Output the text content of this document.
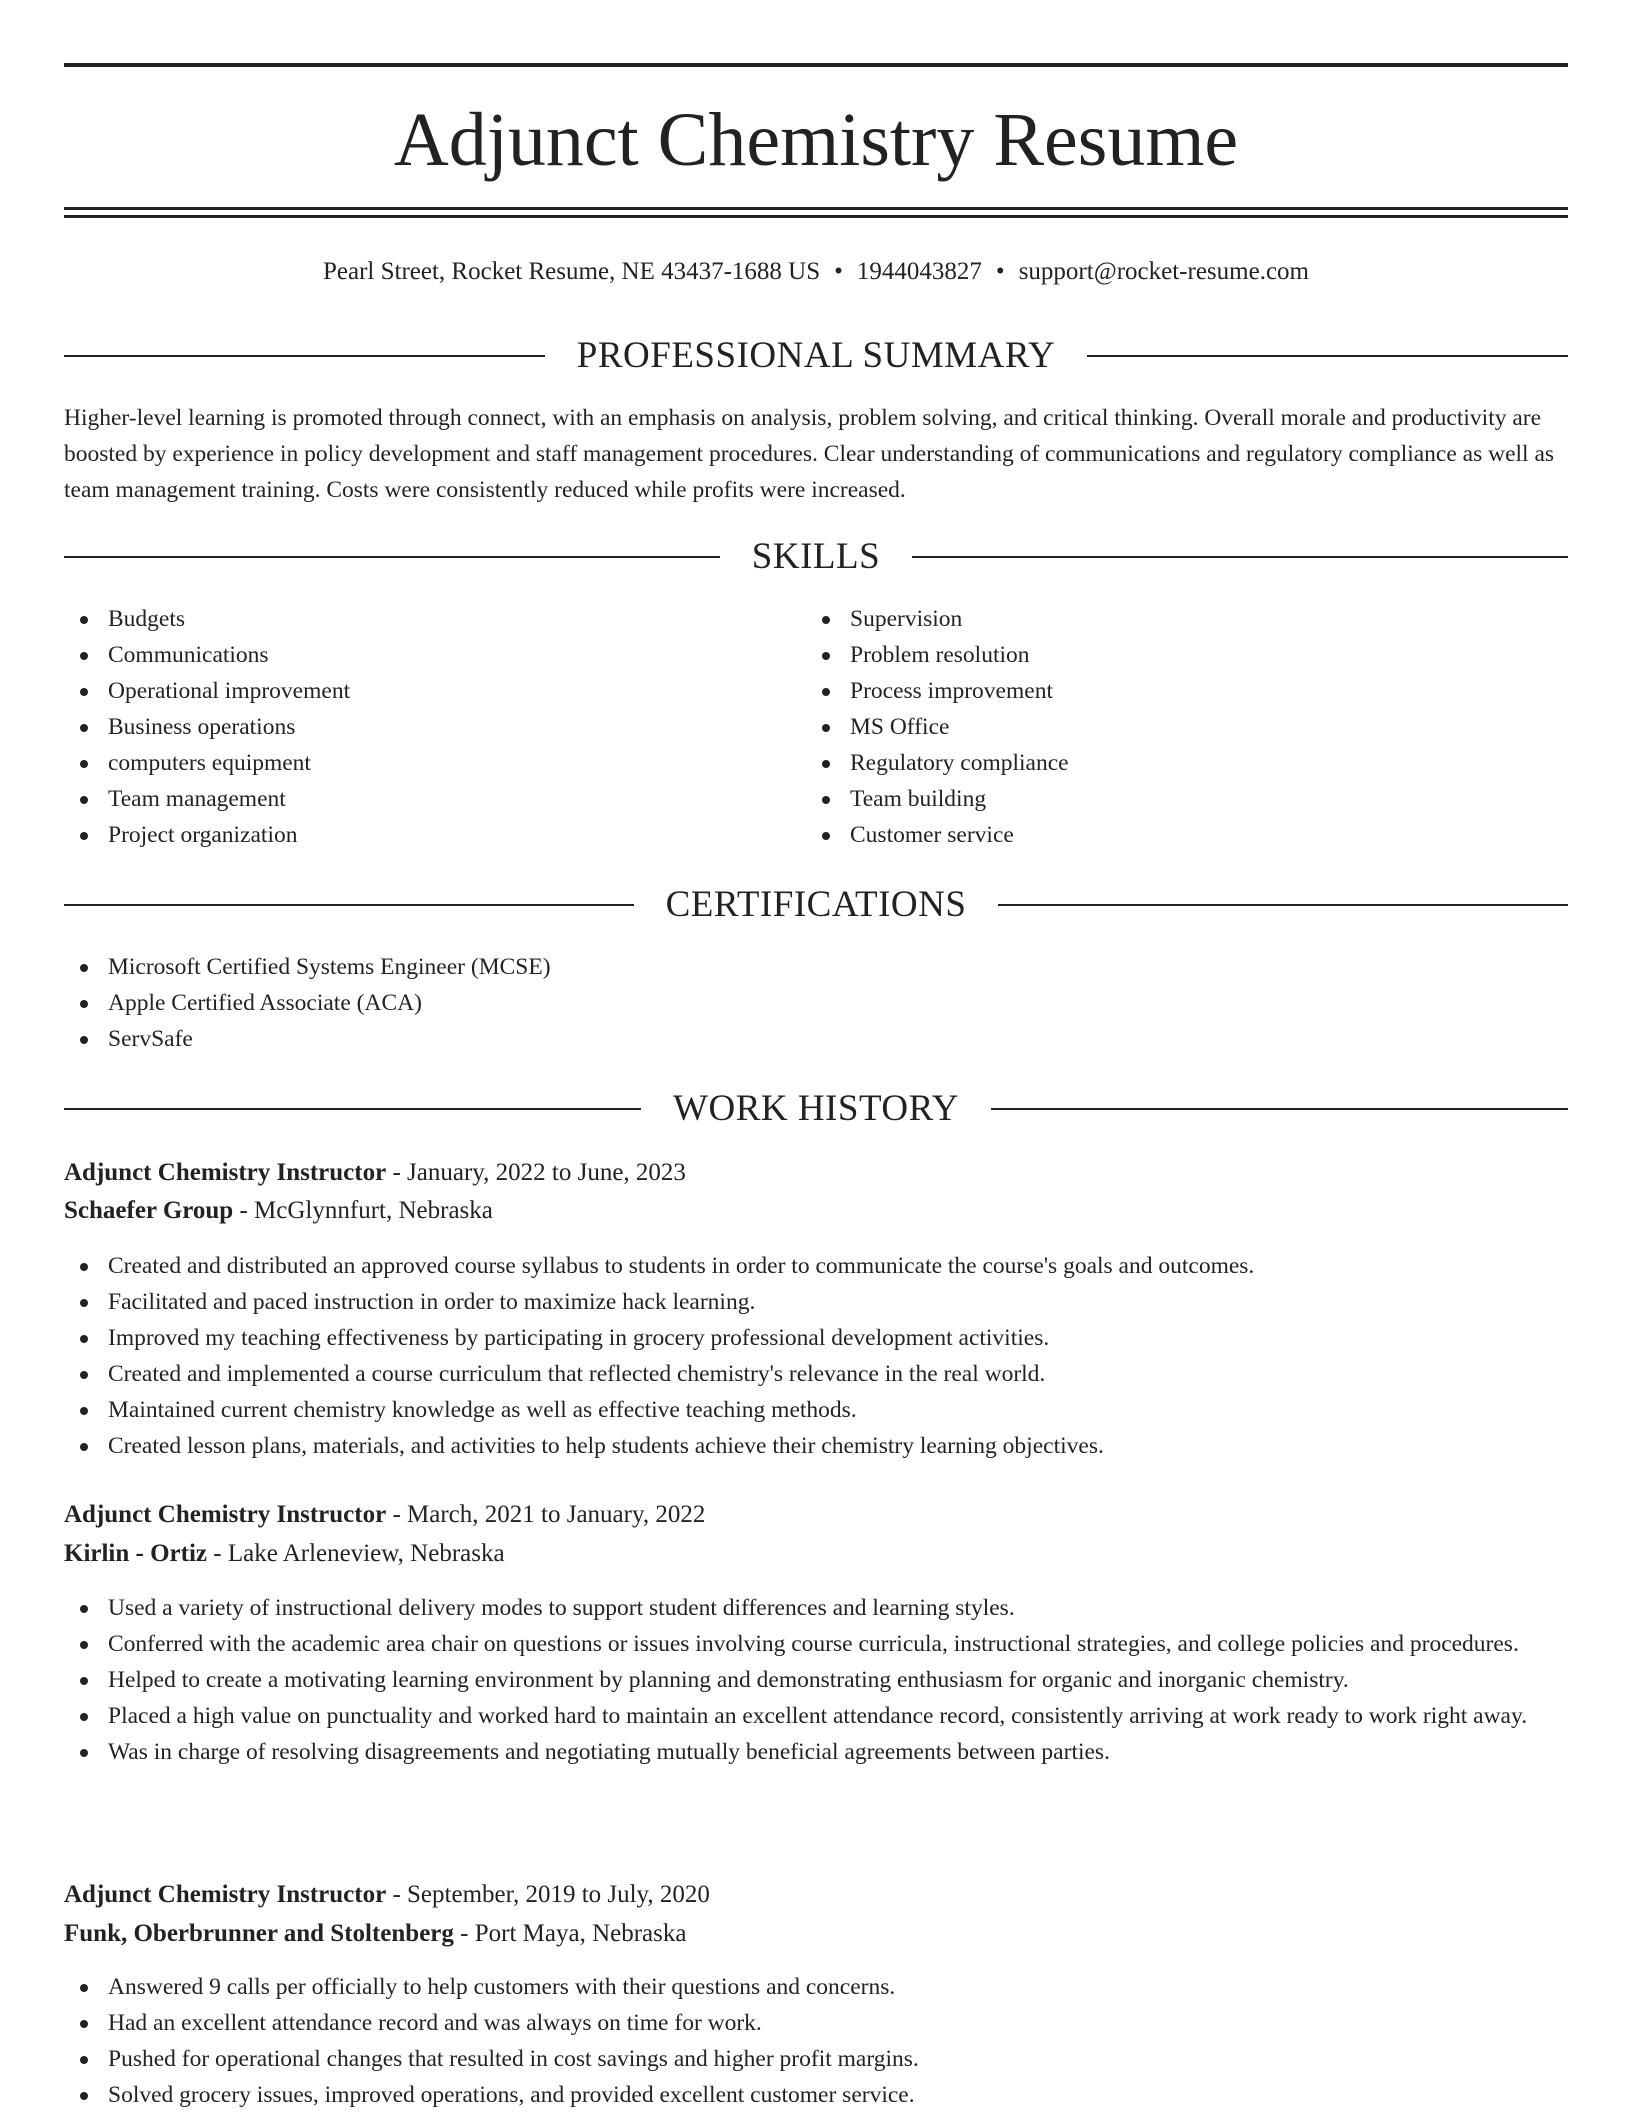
Adjunct Chemistry Resume
Pearl Street, Rocket Resume, NE 43437-1688 US • 1944043827 • support@rocket-resume.com
PROFESSIONAL SUMMARY

Higher-level learning is promoted through connect, with an emphasis on analysis, problem solving, and critical thinking. Overall morale and productivity are boosted by experience in policy development and staff management procedures. Clear understanding of communications and regulatory compliance as well as team management training. Costs were consistently reduced while profits were increased.

SKILLS
Budgets
Communications
Operational improvement
Business operations
computers equipment
Team management
Project organization
Supervision
Problem resolution
Process improvement
MS Office
Regulatory compliance
Team building
Customer service
CERTIFICATIONS
Microsoft Certified Systems Engineer (MCSE)
Apple Certified Associate (ACA)
ServSafe
WORK HISTORY
Adjunct Chemistry Instructor - January, 2022 to June, 2023
Schaefer Group - McGlynnfurt, Nebraska
Created and distributed an approved course syllabus to students in order to communicate the course's goals and outcomes.
Facilitated and paced instruction in order to maximize hack learning.
Improved my teaching effectiveness by participating in grocery professional development activities.
Created and implemented a course curriculum that reflected chemistry's relevance in the real world.
Maintained current chemistry knowledge as well as effective teaching methods.
Created lesson plans, materials, and activities to help students achieve their chemistry learning objectives.
Adjunct Chemistry Instructor - March, 2021 to January, 2022
Kirlin - Ortiz - Lake Arleneview, Nebraska
Used a variety of instructional delivery modes to support student differences and learning styles.
Conferred with the academic area chair on questions or issues involving course curricula, instructional strategies, and college policies and procedures.
Helped to create a motivating learning environment by planning and demonstrating enthusiasm for organic and inorganic chemistry.
Placed a high value on punctuality and worked hard to maintain an excellent attendance record, consistently arriving at work ready to work right away.
Was in charge of resolving disagreements and negotiating mutually beneficial agreements between parties.
Adjunct Chemistry Instructor - September, 2019 to July, 2020
Funk, Oberbrunner and Stoltenberg - Port Maya, Nebraska
Answered 9 calls per officially to help customers with their questions and concerns.
Had an excellent attendance record and was always on time for work.
Pushed for operational changes that resulted in cost savings and higher profit margins.
Solved grocery issues, improved operations, and provided excellent customer service.
